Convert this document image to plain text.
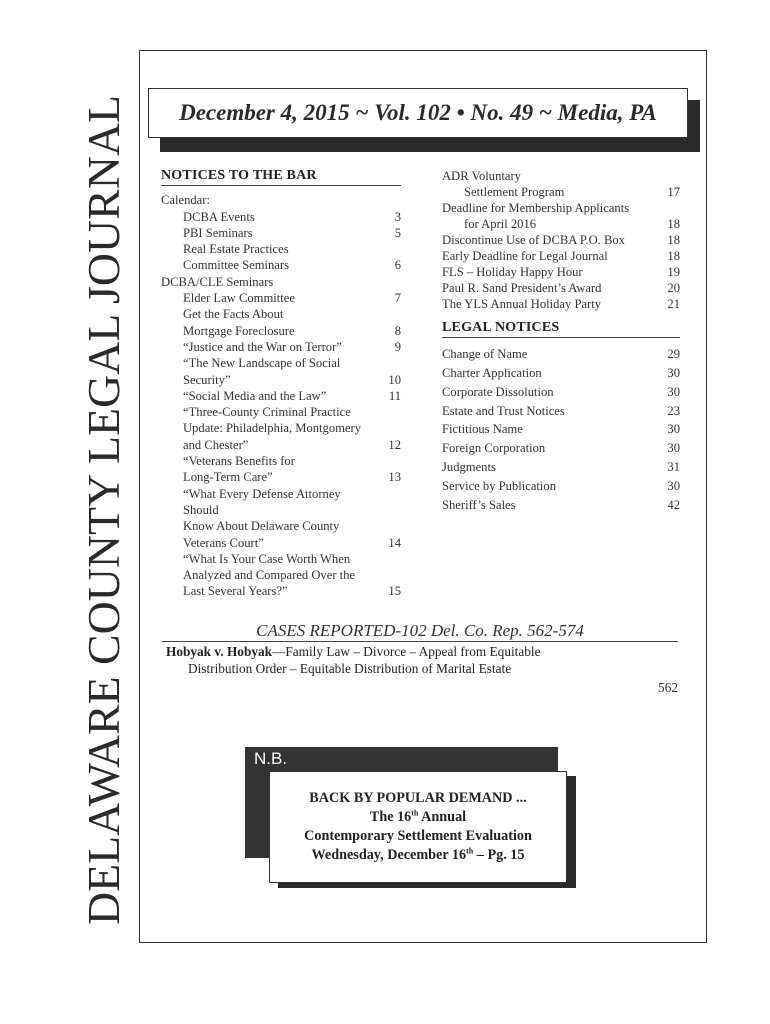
DELAWARE COUNTY LEGAL JOURNAL	December 4, 2015 ~ Vol. 102 • No. 49 ~ Media, PA
NOTICES TO THE BAR
Calendar:
DCBA Events	3
PBI Seminars	5
Real Estate Practices
Committee Seminars	6
DCBA/CLE Seminars
Elder Law Committee	7
Get the Facts About
Mortgage Foreclosure	8
“Justice and the War on Terror”	9
“The New Landscape of Social
Security”	10
“Social Media and the Law”	11
“Three-County Criminal Practice
Update: Philadelphia, Montgomery
and Chester”	12
“Veterans Benefits for
Long-Term Care”	13
“What Every Defense Attorney Should
Know About Delaware County
Veterans Court”	14
“What Is Your Case Worth When
Analyzed and Compared Over the
Last Several Years?”	15
ADR Voluntary
Settlement Program	17
Deadline for Membership Applicants
for April 2016	18
Discontinue Use of DCBA P.O. Box	18
Early Deadline for Legal Journal	18
FLS – Holiday Happy Hour	19
Paul R. Sand President’s Award	20
The YLS Annual Holiday Party	21
LEGAL NOTICES
Change of Name	29
Charter Application	30
Corporate Dissolution	30
Estate and Trust Notices	23
Fictitious Name	30
Foreign Corporation	30
Judgments	31
Service by Publication	30
Sheriff’s Sales	42
CASES REPORTED-102 Del. Co. Rep. 562-574
Hobyak v. Hobyak—Family Law – Divorce – Appeal from Equitable
Distribution Order – Equitable Distribution of Marital Estate
562
N.B.
BACK BY POPULAR DEMAND ...
The 16th Annual
Contemporary Settlement Evaluation
Wednesday, December 16th – Pg. 15
